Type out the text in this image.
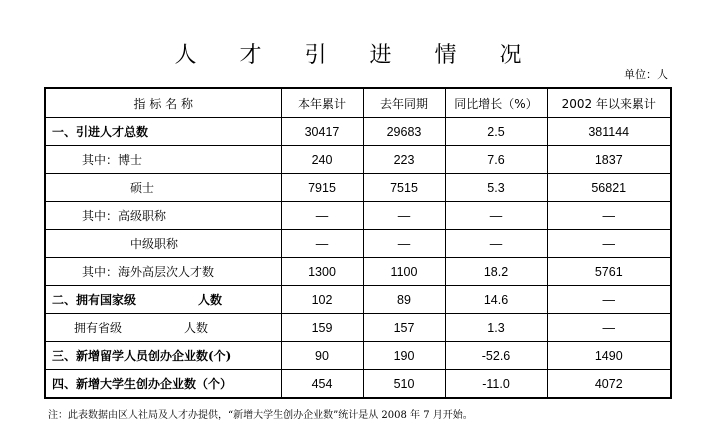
人 才 引 进 情 况
单位：人
指 标 名 称	本年累计	去年同期	同比增长（%）	2002 年以来累计
一、引进人才总数	30417	29683	2.5	381144
其中：博士	240	223	7.6	1837
硕士	7915	7515	5.3	56821
其中：高级职称	—	—	—	—
中级职称	—	—	—	—
其中：海外高层次人才数	1300	1100	18.2	5761
二、拥有国家级 人数	102	89	14.6	—
拥有省级 人数	159	157	1.3	—
三、新增留学人员创办企业数(个)	90	190	-52.6	1490
四、新增大学生创办企业数（个）	454	510	-11.0	4072
注：此表数据由区人社局及人才办提供，“新增大学生创办企业数”统计是从 2008 年 7 月开始。
